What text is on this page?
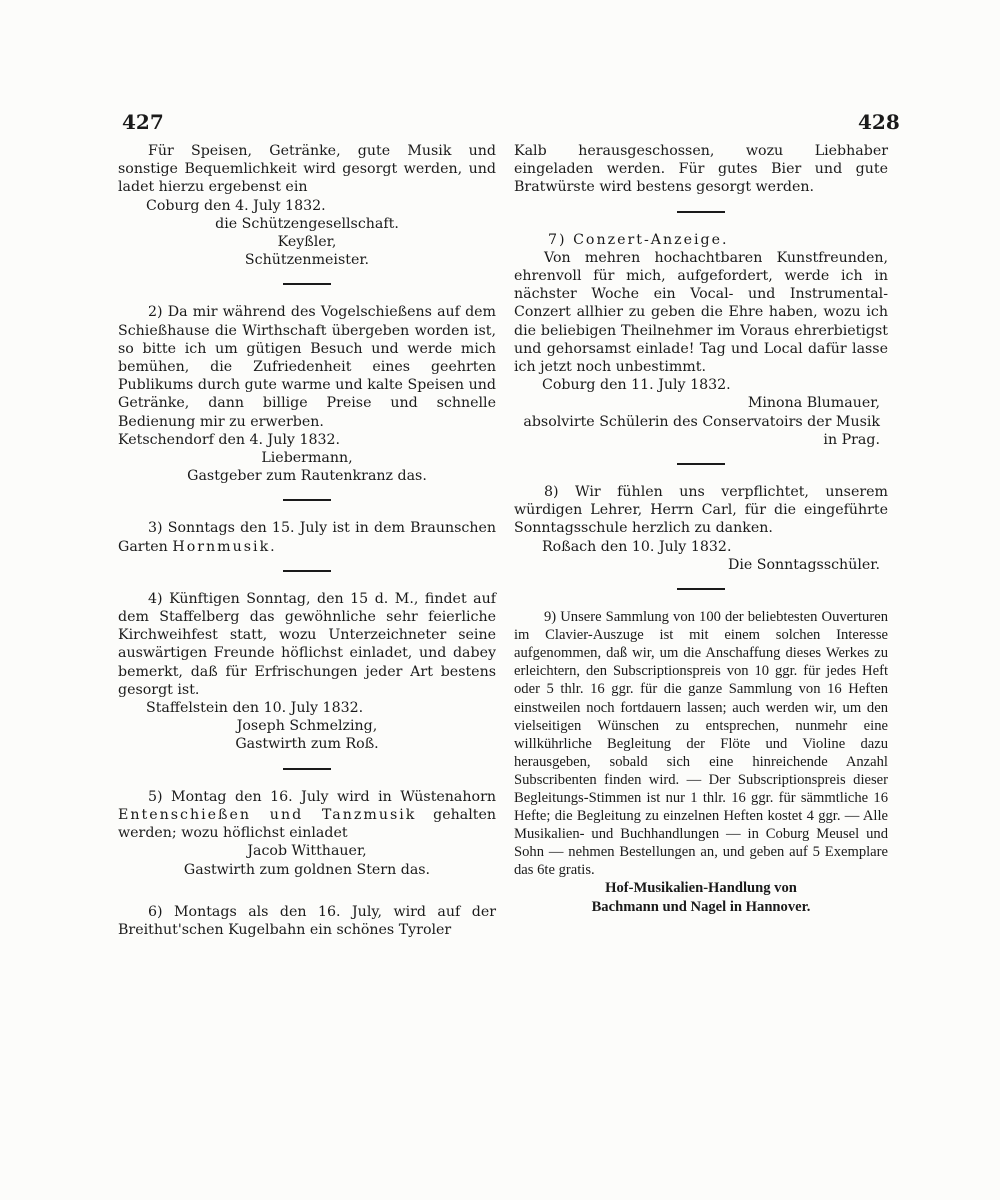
427	428

Für Speisen, Getränke, gute Musik und sonstige Bequemlichkeit wird gesorgt werden, und ladet hierzu ergebenst ein

Coburg den 4. July 1832.

die Schützengesellschaft.

Keyßler,

Schützenmeister.

2) Da mir während des Vogelschießens auf dem Schießhause die Wirthschaft übergeben worden ist, so bitte ich um gütigen Besuch und werde mich bemühen, die Zufriedenheit eines geehrten Publikums durch gute warme und kalte Speisen und Getränke, dann billige Preise und schnelle Bedienung mir zu erwerben.

Ketschendorf den 4. July 1832.

Liebermann,

Gastgeber zum Rautenkranz das.

3) Sonntags den 15. July ist in dem Braunschen Garten Hornmusik.

4) Künftigen Sonntag, den 15 d. M., findet auf dem Staffelberg das gewöhnliche sehr feierliche Kirchweihfest statt, wozu Unterzeichneter seine auswärtigen Freunde höflichst einladet, und dabey bemerkt, daß für Erfrischungen jeder Art bestens gesorgt ist.

Staffelstein den 10. July 1832.

Joseph Schmelzing,

Gastwirth zum Roß.

5) Montag den 16. July wird in Wüstenahorn Entenschießen und Tanzmusik gehalten werden; wozu höflichst einladet

Jacob Witthauer,

Gastwirth zum goldnen Stern das.

6) Montags als den 16. July, wird auf der Breithut'schen Kugelbahn ein schönes Tyroler

Kalb herausgeschossen, wozu Liebhaber eingeladen werden. Für gutes Bier und gute Bratwürste wird bestens gesorgt werden.

7) Conzert-Anzeige.

Von mehren hochachtbaren Kunstfreunden, ehrenvoll für mich, aufgefordert, werde ich in nächster Woche ein Vocal- und Instrumental-Conzert allhier zu geben die Ehre haben, wozu ich die beliebigen Theilnehmer im Voraus ehrerbietigst und gehorsamst einlade! Tag und Local dafür lasse ich jetzt noch unbestimmt.

Coburg den 11. July 1832.

Minona Blumauer,

absolvirte Schülerin des Conservatoirs der Musik in Prag.

8) Wir fühlen uns verpflichtet, unserem würdigen Lehrer, Herrn Carl, für die eingeführte Sonntagsschule herzlich zu danken.

Roßach den 10. July 1832.

Die Sonntagsschüler.

9) Unsere Sammlung von 100 der beliebtesten Ouverturen im Clavier-Auszuge ist mit einem solchen Interesse aufgenommen, daß wir, um die Anschaffung dieses Werkes zu erleichtern, den Subscriptionspreis von 10 ggr. für jedes Heft oder 5 thlr. 16 ggr. für die ganze Sammlung von 16 Heften einstweilen noch fortdauern lassen; auch werden wir, um den vielseitigen Wünschen zu entsprechen, nunmehr eine willkührliche Begleitung der Flöte und Violine dazu herausgeben, sobald sich eine hinreichende Anzahl Subscribenten finden wird. — Der Subscriptionspreis dieser Begleitungs-Stimmen ist nur 1 thlr. 16 ggr. für sämmtliche 16 Hefte; die Begleitung zu einzelnen Heften kostet 4 ggr. — Alle Musikalien- und Buchhandlungen — in Coburg Meusel und Sohn — nehmen Bestellungen an, und geben auf 5 Exemplare das 6te gratis.

Hof-Musikalien-Handlung von

Bachmann und Nagel in Hannover.
